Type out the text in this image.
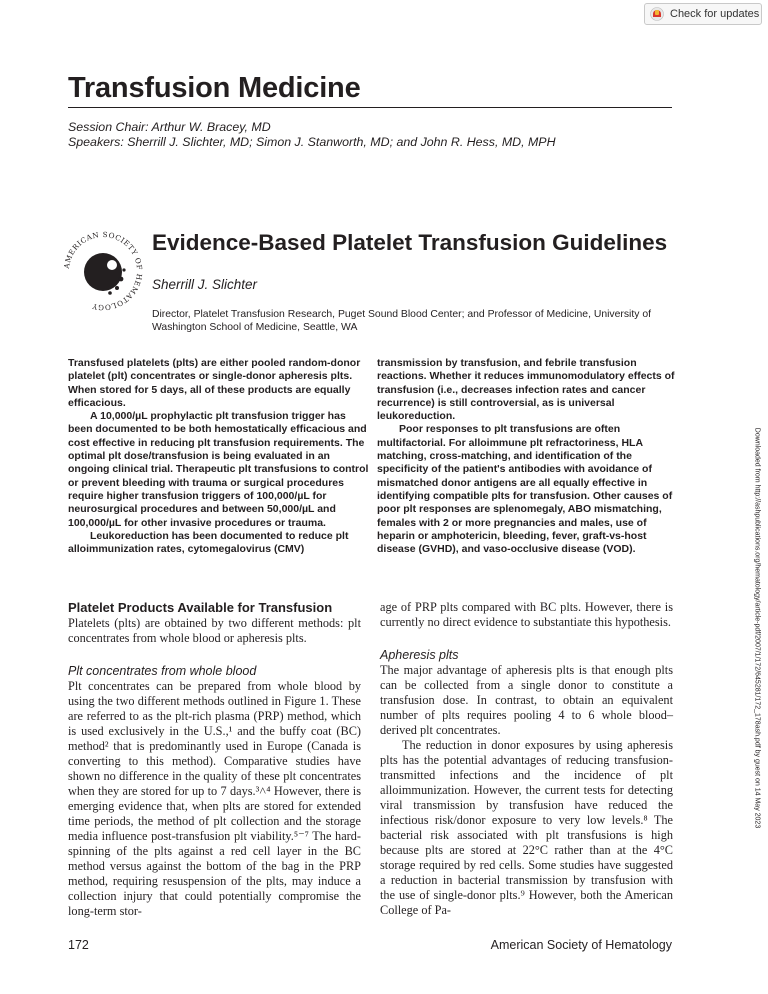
Check for updates
Transfusion Medicine
Session Chair: Arthur W. Bracey, MD
Speakers: Sherrill J. Slichter, MD; Simon J. Stanworth, MD; and John R. Hess, MD, MPH
AMERICAN SOCIETY OF HEMATOLOGY
Evidence-Based Platelet Transfusion Guidelines
Sherrill J. Slichter
Director, Platelet Transfusion Research, Puget Sound Blood Center; and Professor of Medicine, University of Washington School of Medicine, Seattle, WA
Downloaded from http://ashpublications.org/hematology/article-pdf/2007/1/172/645281/172_178ash.pdf by guest on 14 May 2023

Transfused platelets (plts) are either pooled random-donor platelet (plt) concentrates or single-donor apheresis plts. When stored for 5 days, all of these products are equally efficacious.

A 10,000/µL prophylactic plt transfusion trigger has been documented to be both hemostatically efficacious and cost effective in reducing plt transfusion requirements. The optimal plt dose/transfusion is being evaluated in an ongoing clinical trial. Therapeutic plt transfusions to control or prevent bleeding with trauma or surgical procedures require higher transfusion triggers of 100,000/µL for neurosurgical procedures and between 50,000/µL and 100,000/µL for other invasive procedures or trauma.

Leukoreduction has been documented to reduce plt alloimmunization rates, cytomegalovirus (CMV)

transmission by transfusion, and febrile transfusion reactions. Whether it reduces immunomodulatory effects of transfusion (i.e., decreases infection rates and cancer recurrence) is still controversial, as is universal leukoreduction.

Poor responses to plt transfusions are often multifactorial. For alloimmune plt refractoriness, HLA matching, cross-matching, and identification of the specificity of the patient's antibodies with avoidance of mismatched donor antigens are all equally effective in identifying compatible plts for transfusion. Other causes of poor plt responses are splenomegaly, ABO mismatching, females with 2 or more pregnancies and males, use of heparin or amphotericin, bleeding, fever, graft-vs-host disease (GVHD), and vaso-occlusive disease (VOD).

Platelet Products Available for Transfusion

Platelets (plts) are obtained by two different methods: plt concentrates from whole blood or apheresis plts.

Plt concentrates from whole blood

Plt concentrates can be prepared from whole blood by using the two different methods outlined in Figure 1. These are referred to as the plt-rich plasma (PRP) method, which is used exclusively in the U.S.,¹ and the buffy coat (BC) method² that is predominantly used in Europe (Canada is converting to this method). Comparative studies have shown no difference in the quality of these plt concentrates when they are stored for up to 7 days.³˄⁴ However, there is emerging evidence that, when plts are stored for extended time periods, the method of plt collection and the storage media influence post-transfusion plt viability.⁵⁻⁷ The hard-spinning of the plts against a red cell layer in the BC method versus against the bottom of the bag in the PRP method, requiring resuspension of the plts, may induce a collection injury that could potentially compromise the long-term stor-

age of PRP plts compared with BC plts. However, there is currently no direct evidence to substantiate this hypothesis.

Apheresis plts

The major advantage of apheresis plts is that enough plts can be collected from a single donor to constitute a transfusion dose. In contrast, to obtain an equivalent number of plts requires pooling 4 to 6 whole blood–derived plt concentrates.

The reduction in donor exposures by using apheresis plts has the potential advantages of reducing transfusion-transmitted infections and the incidence of plt alloimmunization. However, the current tests for detecting viral transmission by transfusion have reduced the infectious risk/donor exposure to very low levels.⁸ The bacterial risk associated with plt transfusions is high because plts are stored at 22°C rather than at the 4°C storage required by red cells. Some studies have suggested a reduction in bacterial transmission by transfusion with the use of single-donor plts.⁹ However, both the American College of Pa-

172	American Society of Hematology
